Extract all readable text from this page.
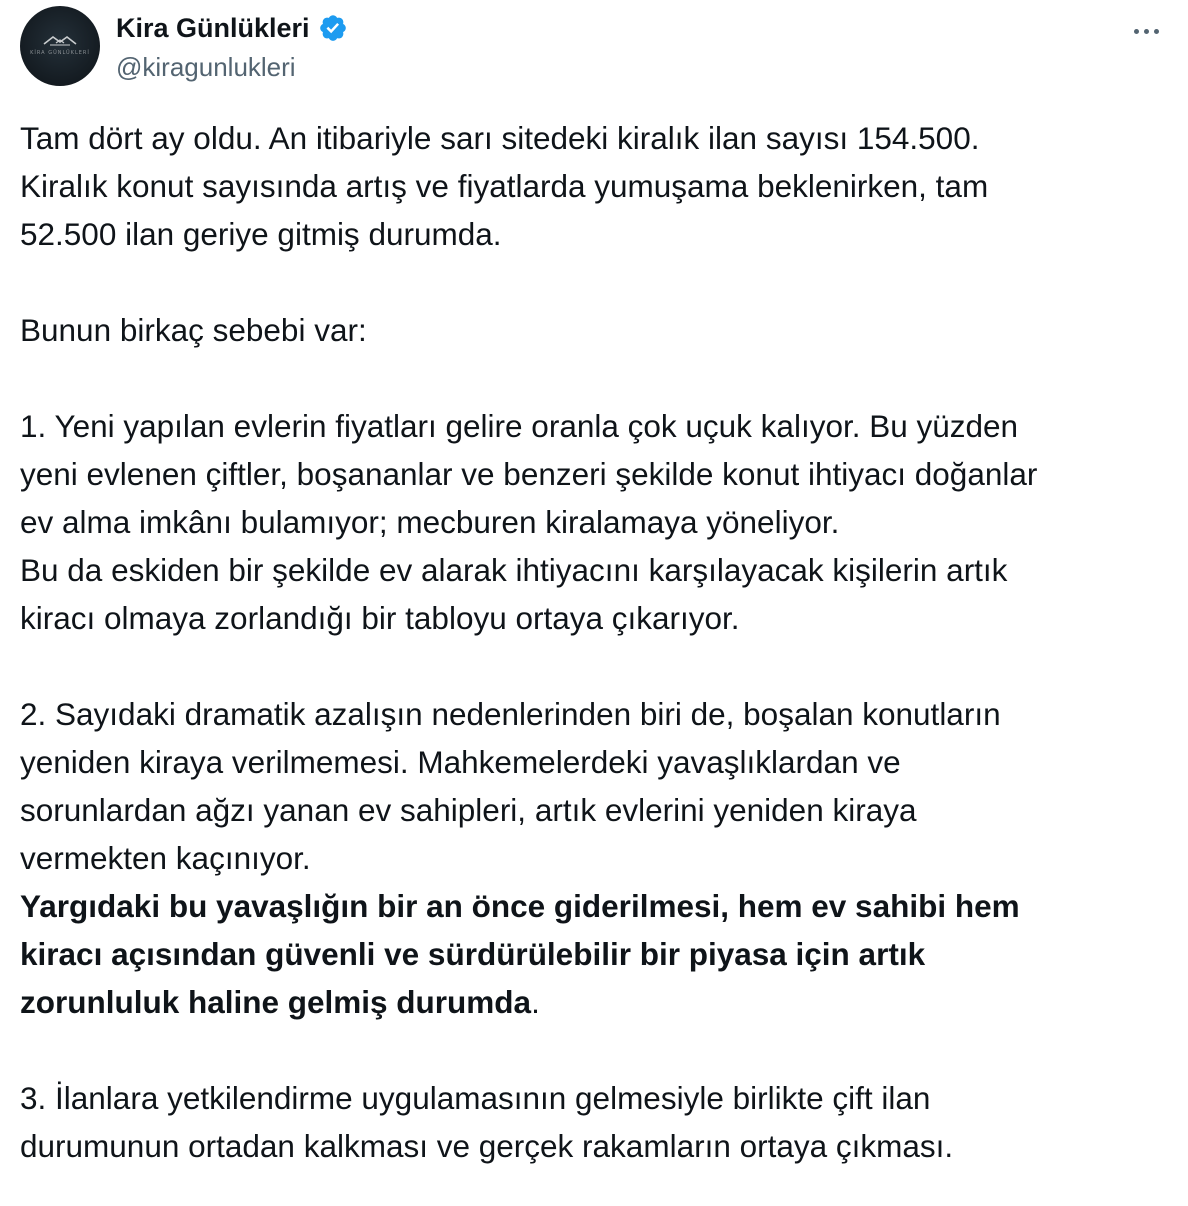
KİRA GÜNLÜKLERİ
Kira Günlükleri
@kiragunlukleri

Tam dört ay oldu. An itibariyle sarı sitedeki kiralık ilan sayısı 154.500.
Kiralık konut sayısında artış ve fiyatlarda yumuşama beklenirken, tam
52.500 ilan geriye gitmiş durumda.

Bunun birkaç sebebi var:

1. Yeni yapılan evlerin fiyatları gelire oranla çok uçuk kalıyor. Bu yüzden
yeni evlenen çiftler, boşananlar ve benzeri şekilde konut ihtiyacı doğanlar
ev alma imkânı bulamıyor; mecburen kiralamaya yöneliyor.
Bu da eskiden bir şekilde ev alarak ihtiyacını karşılayacak kişilerin artık
kiracı olmaya zorlandığı bir tabloyu ortaya çıkarıyor.

2. Sayıdaki dramatik azalışın nedenlerinden biri de, boşalan konutların
yeniden kiraya verilmemesi. Mahkemelerdeki yavaşlıklardan ve
sorunlardan ağzı yanan ev sahipleri, artık evlerini yeniden kiraya
vermekten kaçınıyor.
Yargıdaki bu yavaşlığın bir an önce giderilmesi, hem ev sahibi hem
kiracı açısından güvenli ve sürdürülebilir bir piyasa için artık
zorunluluk haline gelmiş durumda.

3. İlanlara yetkilendirme uygulamasının gelmesiyle birlikte çift ilan
durumunun ortadan kalkması ve gerçek rakamların ortaya çıkması.
